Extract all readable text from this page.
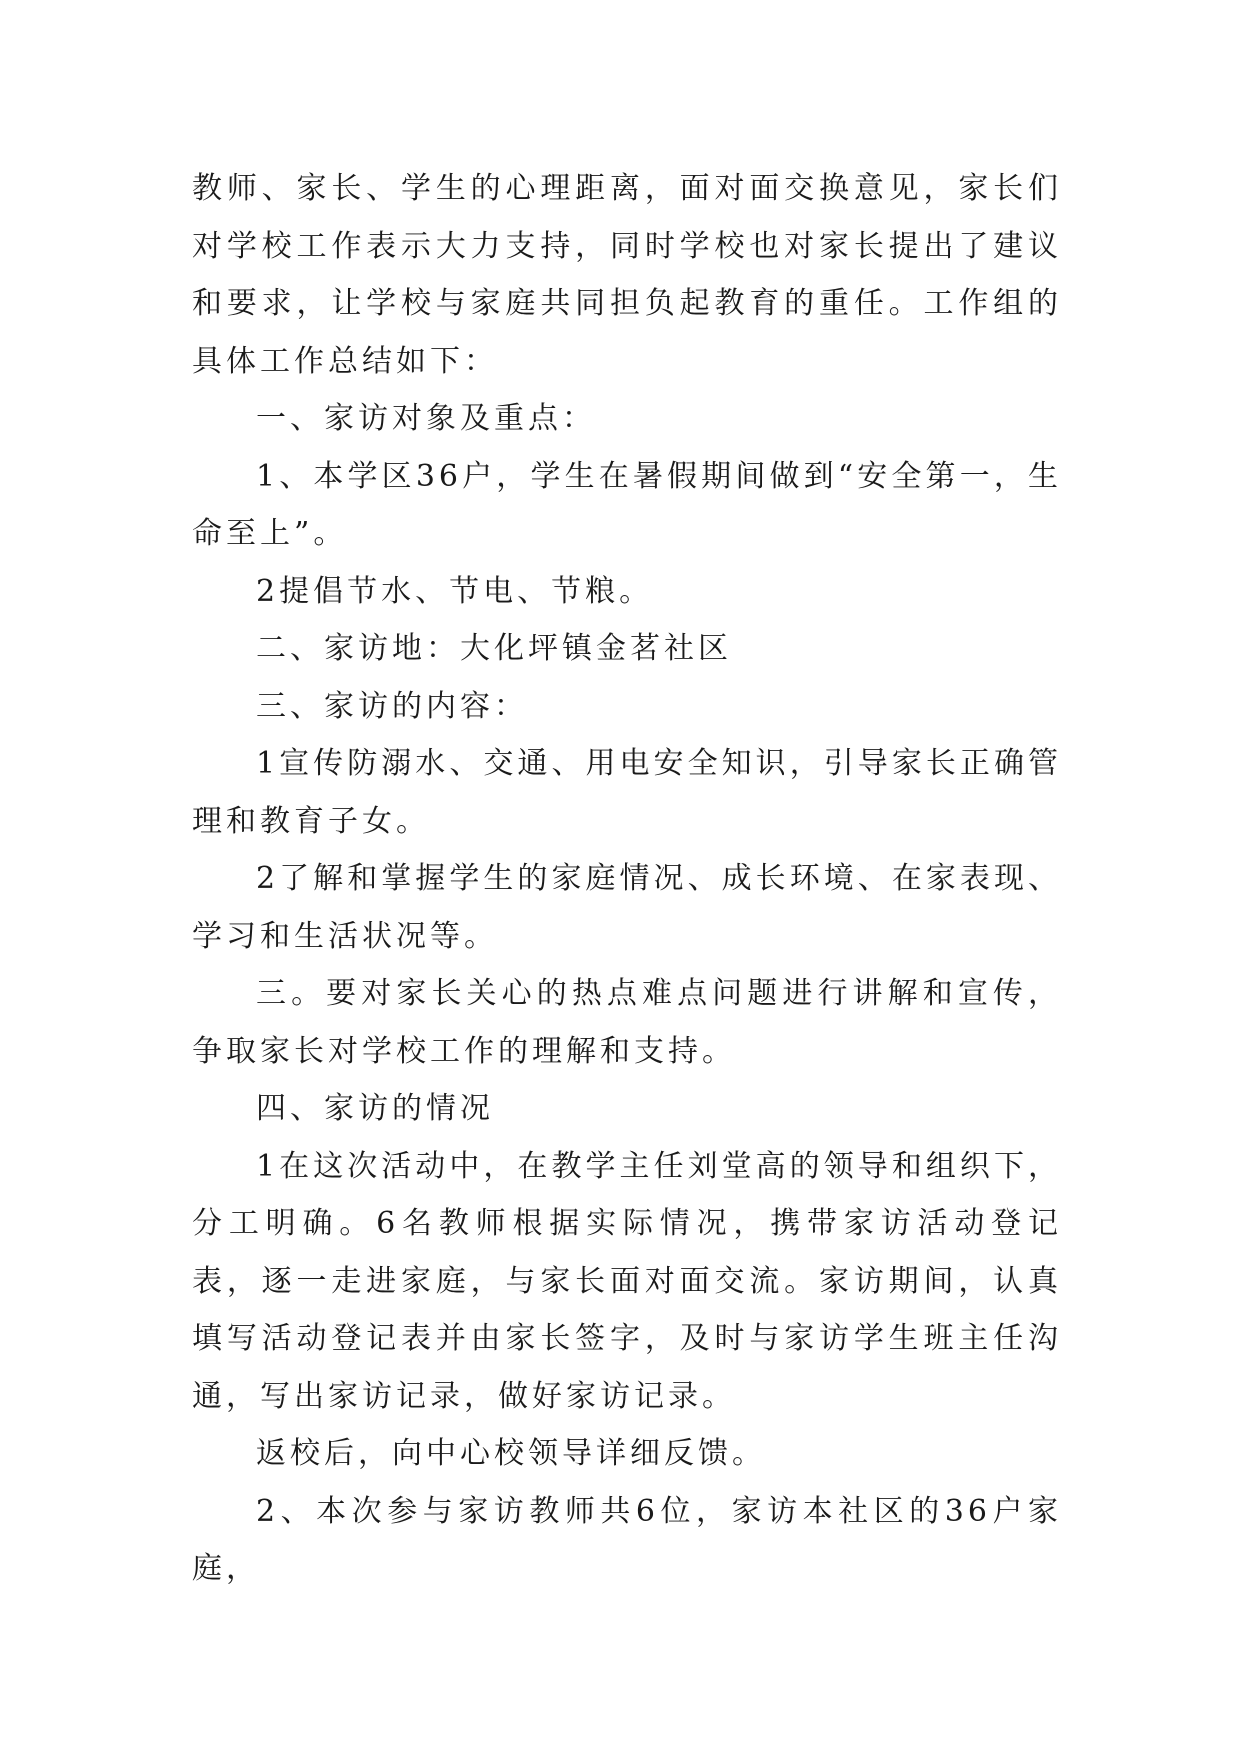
教师、家长、学生的心理距离，面对面交换意见，家长们对学校工作表示大力支持，同时学校也对家长提出了建议和要求，让学校与家庭共同担负起教育的重任。工作组的具体工作总结如下：

一、家访对象及重点：

1、本学区36户，学生在暑假期间做到“安全第一，生命至上”。

2提倡节水、节电、节粮。

二、家访地：大化坪镇金茗社区

三、家访的内容：

1宣传防溺水、交通、用电安全知识，引导家长正确管理和教育子女。

2了解和掌握学生的家庭情况、成长环境、在家表现、学习和生活状况等。

三。要对家长关心的热点难点问题进行讲解和宣传，争取家长对学校工作的理解和支持。

四、家访的情况

1在这次活动中，在教学主任刘堂高的领导和组织下，分工明确。6名教师根据实际情况，携带家访活动登记表，逐一走进家庭，与家长面对面交流。家访期间，认真填写活动登记表并由家长签字，及时与家访学生班主任沟通，写出家访记录，做好家访记录。

返校后，向中心校领导详细反馈。

2、本次参与家访教师共6位，家访本社区的36户家庭，
